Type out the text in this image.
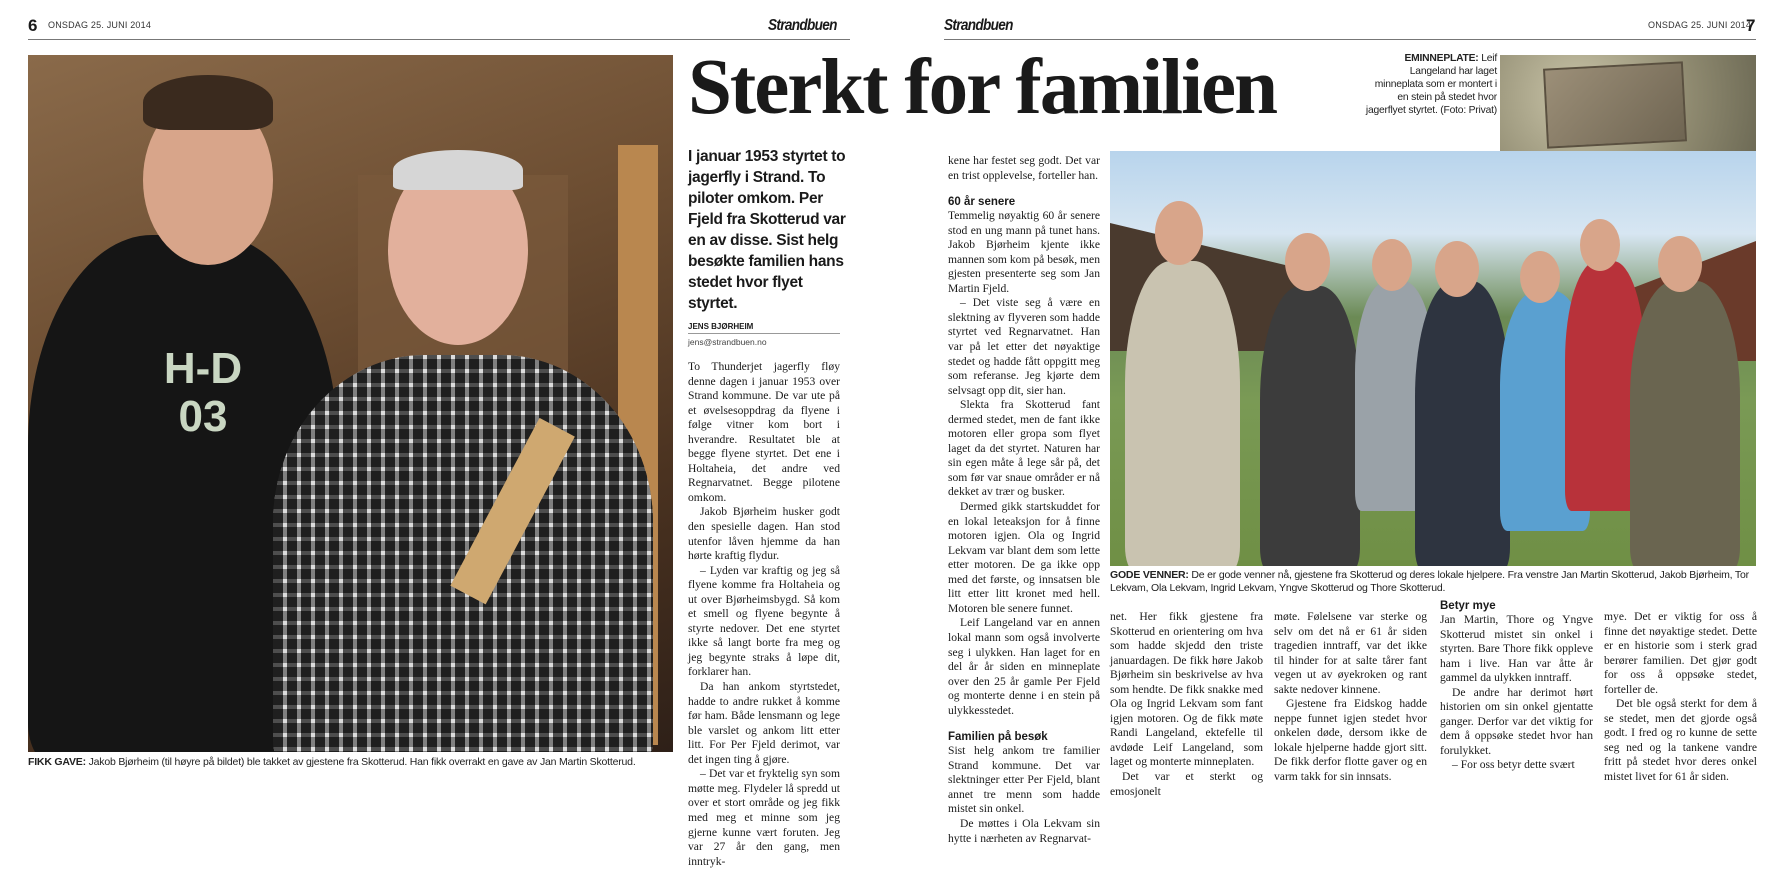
6 ONSDAG 25. JUNI 2014	Strandbuen	Strandbuen	ONSDAG 25. JUNI 2014
7
H-D
03
FIKK GAVE: Jakob Bjørheim (til høyre på bildet) ble takket av gjestene fra Skotterud. Han fikk overrakt en gave av Jan Martin Skotterud.
Sterkt for familien
I januar 1953 styrtet to jagerfly i Strand. To piloter omkom. Per Fjeld fra Skotterud var en av disse. Sist helg besøkte familien hans stedet hvor flyet styrtet.
JENS BJØRHEIM
jens@strandbuen.no

To Thunderjet jagerfly fløy denne dagen i januar 1953 over Strand kommune. De var ute på et øvelsesoppdrag da flyene i følge vitner kom bort i hverandre. Resultatet ble at begge flyene styrtet. Det ene i Holtaheia, det andre ved Regnarvatnet. Begge pilotene omkom.

Jakob Bjørheim husker godt den spesielle dagen. Han stod utenfor låven hjemme da han hørte kraftig flydur.

– Lyden var kraftig og jeg så flyene komme fra Holtaheia og ut over Bjørheimsbygd. Så kom et smell og flyene begynte å styrte nedover. Det ene styrtet ikke så langt borte fra meg og jeg begynte straks å løpe dit, forklarer han.

Da han ankom styrtstedet, hadde to andre rukket å komme før ham. Både lensmann og lege ble varslet og ankom litt etter litt. For Per Fjeld derimot, var det ingen ting å gjøre.

– Det var et fryktelig syn som møtte meg. Flydeler lå spredd ut over et stort område og jeg fikk med meg et minne som jeg gjerne kunne vært foruten. Jeg var 27 år den gang, men inntryk-

kene har festet seg godt. Det var en trist opplevelse, forteller han.

60 år senere

Temmelig nøyaktig 60 år senere stod en ung mann på tunet hans. Jakob Bjørheim kjente ikke mannen som kom på besøk, men gjesten presenterte seg som Jan Martin Fjeld.

– Det viste seg å være en slektning av flyveren som hadde styrtet ved Regnarvatnet. Han var på let etter det nøyaktige stedet og hadde fått oppgitt meg som referanse. Jeg kjørte dem selvsagt opp dit, sier han.

Slekta fra Skotterud fant dermed stedet, men de fant ikke motoren eller gropa som flyet laget da det styrtet. Naturen har sin egen måte å lege sår på, det som før var snaue områder er nå dekket av trær og busker.

Dermed gikk startskuddet for en lokal leteaksjon for å finne motoren igjen. Ola og Ingrid Lekvam var blant dem som lette etter motoren. De ga ikke opp med det første, og innsatsen ble litt etter litt kronet med hell. Motoren ble senere funnet.

Leif Langeland var en annen lokal mann som også involverte seg i ulykken. Han laget for en del år år siden en minneplate over den 25 år gamle Per Fjeld og monterte denne i en stein på ulykkesstedet.

Familien på besøk

Sist helg ankom tre familier Strand kommune. Det var slektninger etter Per Fjeld, blant annet tre menn som hadde mistet sin onkel.

De møttes i Ola Lekvam sin hytte i nærheten av Regnarvat-

EMINNEPLATE: Leif Langeland har laget minneplata som er montert i en stein på stedet hvor jagerflyet styrtet. (Foto: Privat)
GODE VENNER: De er gode venner nå, gjestene fra Skotterud og deres lokale hjelpere. Fra venstre Jan Martin Skotterud, Jakob Bjørheim, Tor Lekvam, Ola Lekvam, Ingrid Lekvam, Yngve Skotterud og Thore Skotterud.

net. Her fikk gjestene fra Skotterud en orientering om hva som hadde skjedd den triste januardagen. De fikk høre Jakob Bjørheim sin beskrivelse av hva som hendte. De fikk snakke med Ola og Ingrid Lekvam som fant igjen motoren. Og de fikk møte Randi Langeland, ektefelle til avdøde Leif Langeland, som laget og monterte minneplaten.

Det var et sterkt og emosjonelt

møte. Følelsene var sterke og selv om det nå er 61 år siden tragedien inntraff, var det ikke til hinder for at salte tårer fant vegen ut av øyekroken og rant sakte nedover kinnene.

Gjestene fra Eidskog hadde neppe funnet igjen stedet hvor onkelen døde, dersom ikke de lokale hjelperne hadde gjort sitt. De fikk derfor flotte gaver og en varm takk for sin innsats.

Betyr mye

Jan Martin, Thore og Yngve Skotterud mistet sin onkel i styrten. Bare Thore fikk oppleve ham i live. Han var åtte år gammel da ulykken inntraff.

De andre har derimot hørt historien om sin onkel gjentatte ganger. Derfor var det viktig for dem å oppsøke stedet hvor han forulykket.

– For oss betyr dette svært

mye. Det er viktig for oss å finne det nøyaktige stedet. Dette er en historie som i sterk grad berører familien. Det gjør godt for oss å oppsøke stedet, forteller de.

Det ble også sterkt for dem å se stedet, men det gjorde også godt. I fred og ro kunne de sette seg ned og la tankene vandre fritt på stedet hvor deres onkel mistet livet for 61 år siden.
